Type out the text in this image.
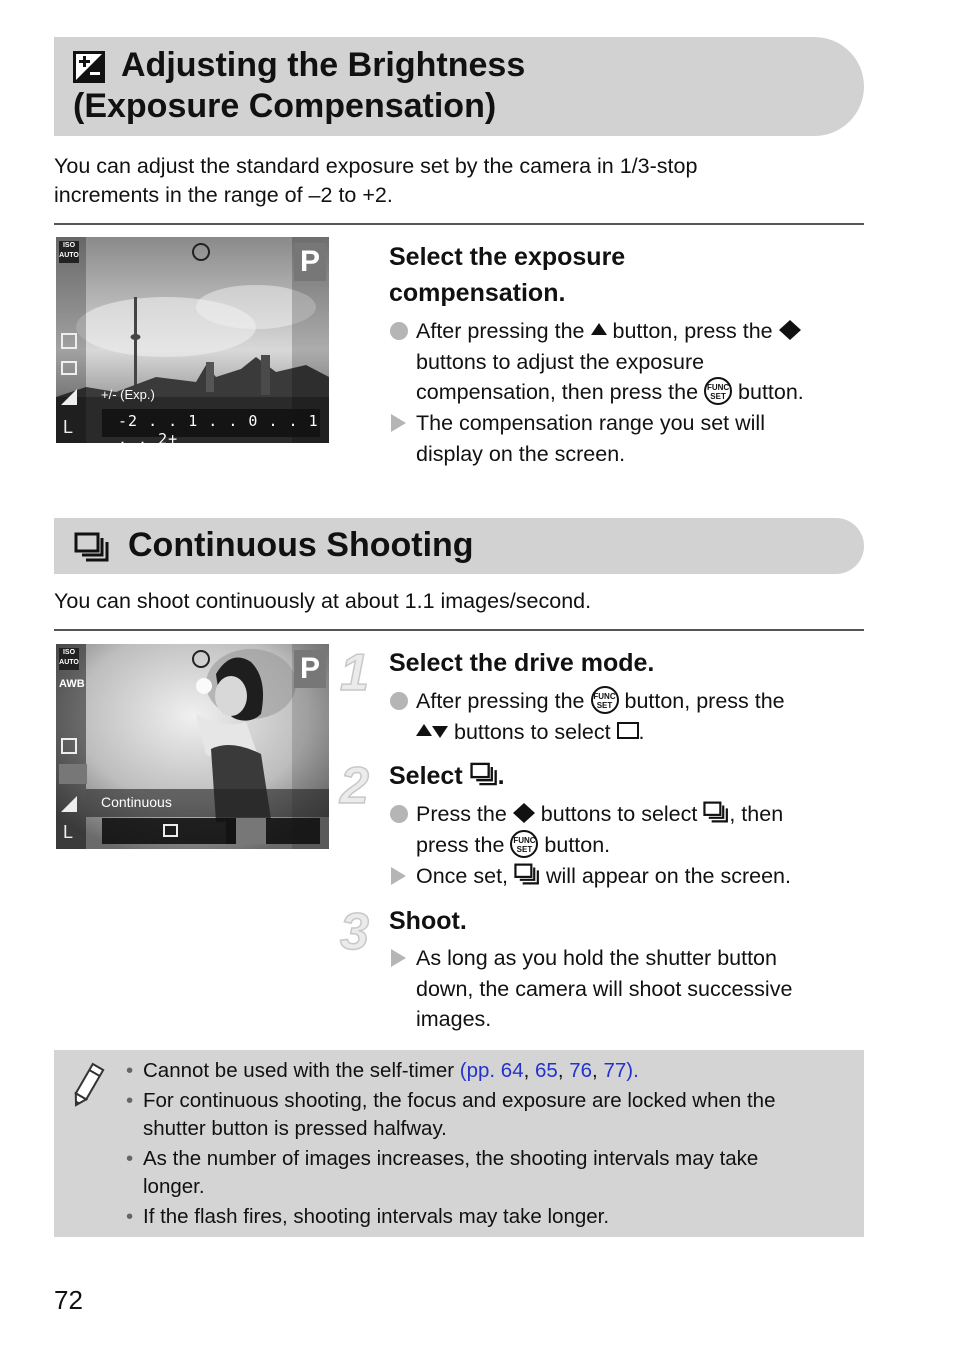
Adjusting the Brightness
(Exposure Compensation)
You can adjust the standard exposure set by the camera in 1/3-stop
increments in the range of –2 to +2.
ISO AUTO	P
L
+/- (Exp.)
-2 . . 1 . . 0 . . 1 . . 2+
Select the exposure
compensation.
After pressing the button, press the
buttons to adjust the exposure
compensation, then press the FUNC
SET button.
The compensation range you set will
display on the screen.
Continuous Shooting
You can shoot continuously at about 1.1 images/second.
ISO AUTO
AWB	P
L
Continuous
1 Select the drive mode.
After pressing the FUNC
SET button, press the
buttons to select .
2 Select .
Press the buttons to select , then
press the FUNC
SET button.
Once set, will appear on the screen.
3 Shoot.
As long as you hold the shutter button
down, the camera will shoot successive
images.
• Cannot be used with the self-timer (pp. 64, 65, 76, 77).
• For continuous shooting, the focus and exposure are locked when the
shutter button is pressed halfway.
• As the number of images increases, the shooting intervals may take
longer.
• If the flash fires, shooting intervals may take longer.
72
